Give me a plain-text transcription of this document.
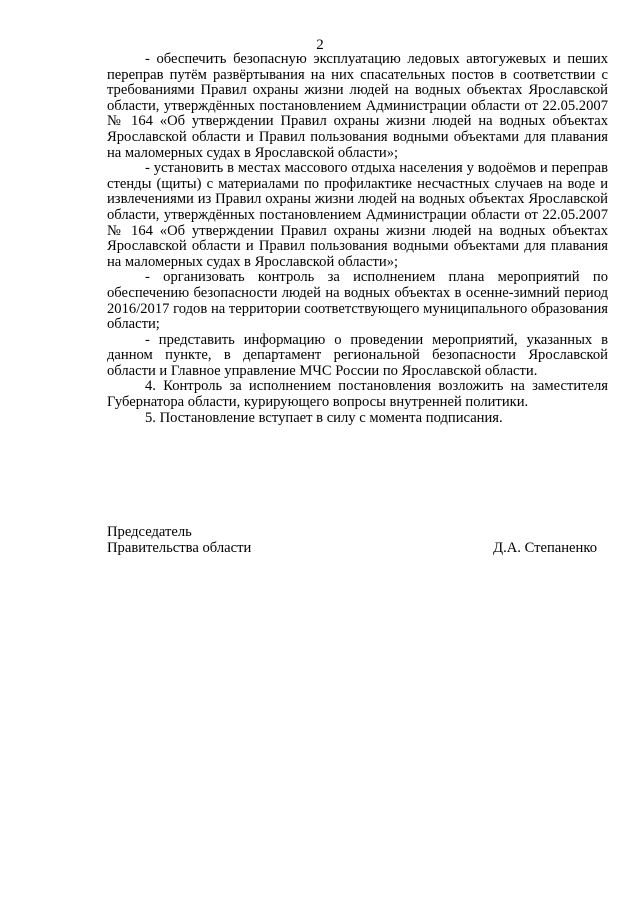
2

- обеспечить безопасную эксплуатацию ледовых автогужевых и пеших переправ путём развёртывания на них спасательных постов в соответствии с требованиями Правил охраны жизни людей на водных объектах Ярославской области, утверждённых постановлением Администрации области от 22.05.2007 № 164 «Об утверждении Правил охраны жизни людей на водных объектах Ярославской области и Правил пользования водными объектами для плавания на маломерных судах в Ярославской области»;

- установить в местах массового отдыха населения у водоёмов и переправ стенды (щиты) с материалами по профилактике несчастных случаев на воде и извлечениями из Правил охраны жизни людей на водных объектах Ярославской области, утверждённых постановлением Администрации области от 22.05.2007 № 164 «Об утверждении Правил охраны жизни людей на водных объектах Ярославской области и Правил пользования водными объектами для плавания на маломерных судах в Ярославской области»;

- организовать контроль за исполнением плана мероприятий по обеспечению безопасности людей на водных объектах в осенне-зимний период 2016/2017 годов на территории соответствующего муниципального образования области;

- представить информацию о проведении мероприятий, указанных в данном пункте, в департамент региональной безопасности Ярославской области и Главное управление МЧС России по Ярославской области.

4. Контроль за исполнением постановления возложить на заместителя Губернатора области, курирующего вопросы внутренней политики.

5. Постановление вступает в силу с момента подписания.

Председатель
Правительства области	Д.А. Степаненко
